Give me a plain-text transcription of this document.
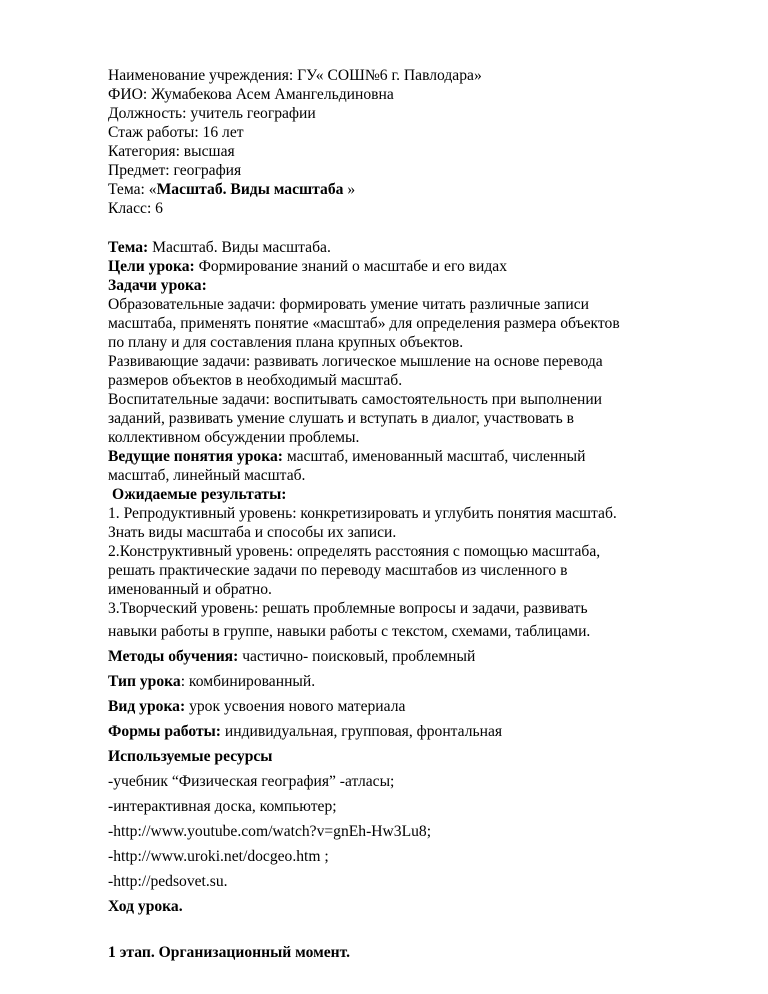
Наименование учреждения: ГУ« СОШ№6 г. Павлодара»
ФИО: Жумабекова Асем Амангельдиновна
Должность: учитель географии
Стаж работы: 16 лет
Категория: высшая
Предмет: география
Тема: «Масштаб. Виды масштаба »
Класс: 6
Тема: Масштаб. Виды масштаба.
Цели урока: Формирование знаний о масштабе и его видах
Задачи урока:
Образовательные задачи: формировать умение читать различные записи
масштаба, применять понятие «масштаб» для определения размера объектов
по плану и для составления плана крупных объектов.
Развивающие задачи: развивать логическое мышление на основе перевода
размеров объектов в необходимый масштаб.
Воспитательные задачи: воспитывать самостоятельность при выполнении
заданий, развивать умение слушать и вступать в диалог, участвовать в
коллективном обсуждении проблемы.
Ведущие понятия урока: масштаб, именованный масштаб, численный
масштаб, линейный масштаб.
Ожидаемые результаты:
1. Репродуктивный уровень: конкретизировать и углубить понятия масштаб.
Знать виды масштаба и способы их записи.
2.Конструктивный уровень: определять расстояния с помощью масштаба,
решать практические задачи по переводу масштабов из численного в
именованный и обратно.
3.Творческий уровень: решать проблемные вопросы и задачи, развивать
навыки работы в группе, навыки работы с текстом, схемами, таблицами.
Методы обучения: частично- поисковый, проблемный
Тип урока: комбинированный.
Вид урока: урок усвоения нового материала
Формы работы: индивидуальная, групповая, фронтальная
Используемые ресурсы
-учебник “Физическая география” -атласы;
-интерактивная доска, компьютер;
-http://www.youtube.com/watch?v=gnEh-Hw3Lu8;
-http://www.uroki.net/docgeo.htm ;
-http://pedsovet.su.
Ход урока.
1 этап. Организационный момент.
